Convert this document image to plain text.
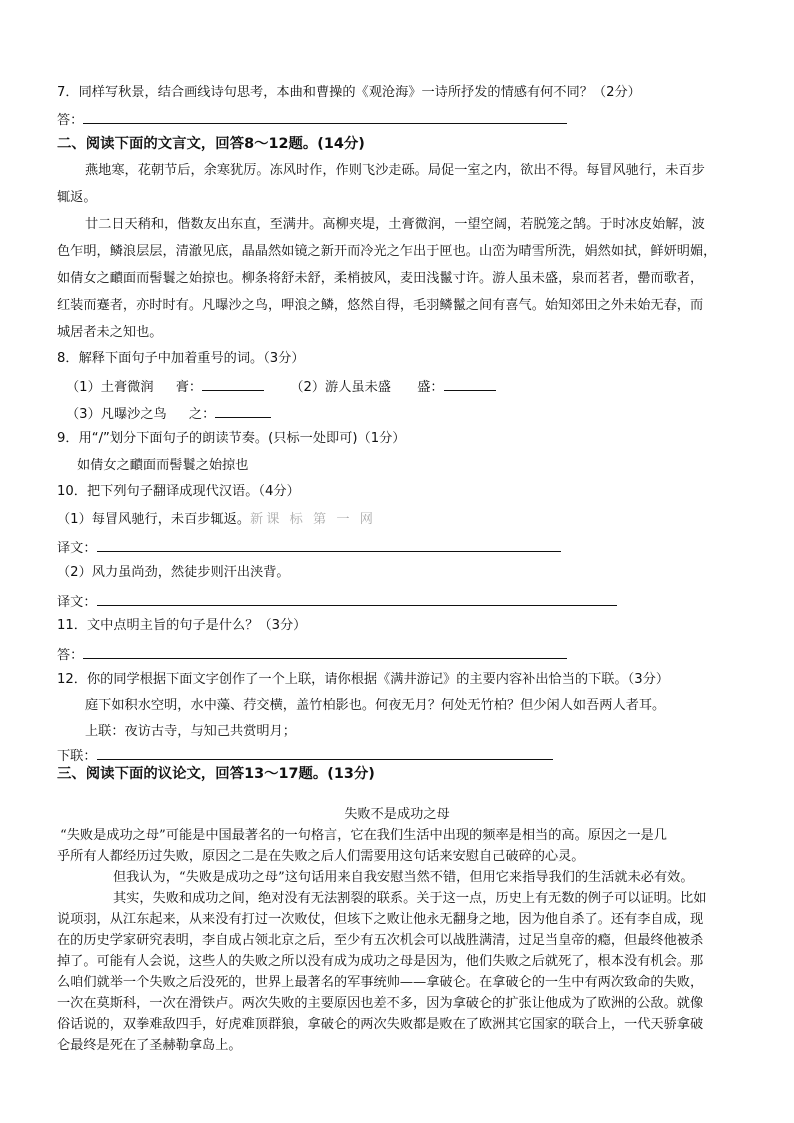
7．同样写秋景，结合画线诗句思考，本曲和曹操的《观沧海》一诗所抒发的情感有何不同？（2分）
答：
二、阅读下面的文言文，回答8～12题。(14分)
燕地寒，花朝节后，余寒犹厉。冻风时作，作则飞沙走砾。局促一室之内，欲出不得。每冒风驰行，未百步
辄返。
廿二日天稍和，偕数友出东直，至满井。高柳夹堤，土膏微润，一望空阔，若脱笼之鹄。于时冰皮始解，波
色乍明，鳞浪层层，清澈见底，晶晶然如镜之新开而冷光之乍出于匣也。山峦为晴雪所洗，娟然如拭，鲜妍明媚，
如倩女之靧面而髻鬟之始掠也。柳条将舒未舒，柔梢披风，麦田浅鬣寸许。游人虽未盛，泉而茗者，罍而歌者，
红装而蹇者，亦时时有。凡曝沙之鸟，呷浪之鳞，悠然自得，毛羽鳞鬣之间有喜气。始知郊田之外未始无春，而
城居者未之知也。
8．解释下面句子中加着重号的词。（3分）
（1）土膏微润 膏：	（2）游人虽未盛 盛：
（3）凡曝沙之鸟 之：
9．用“/”划分下面句子的朗读节奏。(只标一处即可)（1分）
如倩女之靧面而髻鬟之始掠也
10．把下列句子翻译成现代汉语。（4分）
（1）每冒风驰行，未百步辄返。新课 标 第 一 网
译文：
（2）风力虽尚劲，然徒步则汗出浃背。
译文：
11．文中点明主旨的句子是什么？（3分）
答：
12．你的同学根据下面文字创作了一个上联，请你根据《满井游记》的主要内容补出恰当的下联。（3分）
庭下如积水空明，水中藻、荇交横，盖竹柏影也。何夜无月？何处无竹柏？但少闲人如吾两人者耳。
上联：夜访古寺，与知己共赏明月；
下联：
三、阅读下面的议论文，回答13～17题。(13分)
失败不是成功之母
“失败是成功之母”可能是中国最著名的一句格言，它在我们生活中出现的频率是相当的高。原因之一是几
乎所有人都经历过失败，原因之二是在失败之后人们需要用这句话来安慰自己破碎的心灵。
但我认为，“失败是成功之母”这句话用来自我安慰当然不错，但用它来指导我们的生活就未必有效。
其实，失败和成功之间，绝对没有无法割裂的联系。关于这一点，历史上有无数的例子可以证明。比如
说项羽，从江东起来，从来没有打过一次败仗，但垓下之败让他永无翻身之地，因为他自杀了。还有李自成，现
在的历史学家研究表明，李自成占领北京之后，至少有五次机会可以战胜满清，过足当皇帝的瘾，但最终他被杀
掉了。可能有人会说，这些人的失败之所以没有成为成功之母是因为，他们失败之后就死了，根本没有机会。那
么咱们就举一个失败之后没死的，世界上最著名的军事统帅——拿破仑。在拿破仑的一生中有两次致命的失败，
一次在莫斯科，一次在滑铁卢。两次失败的主要原因也差不多，因为拿破仑的扩张让他成为了欧洲的公敌。就像
俗话说的，双拳难敌四手，好虎难顶群狼，拿破仑的两次失败都是败在了欧洲其它国家的联合上，一代天骄拿破
仑最终是死在了圣赫勒拿岛上。
